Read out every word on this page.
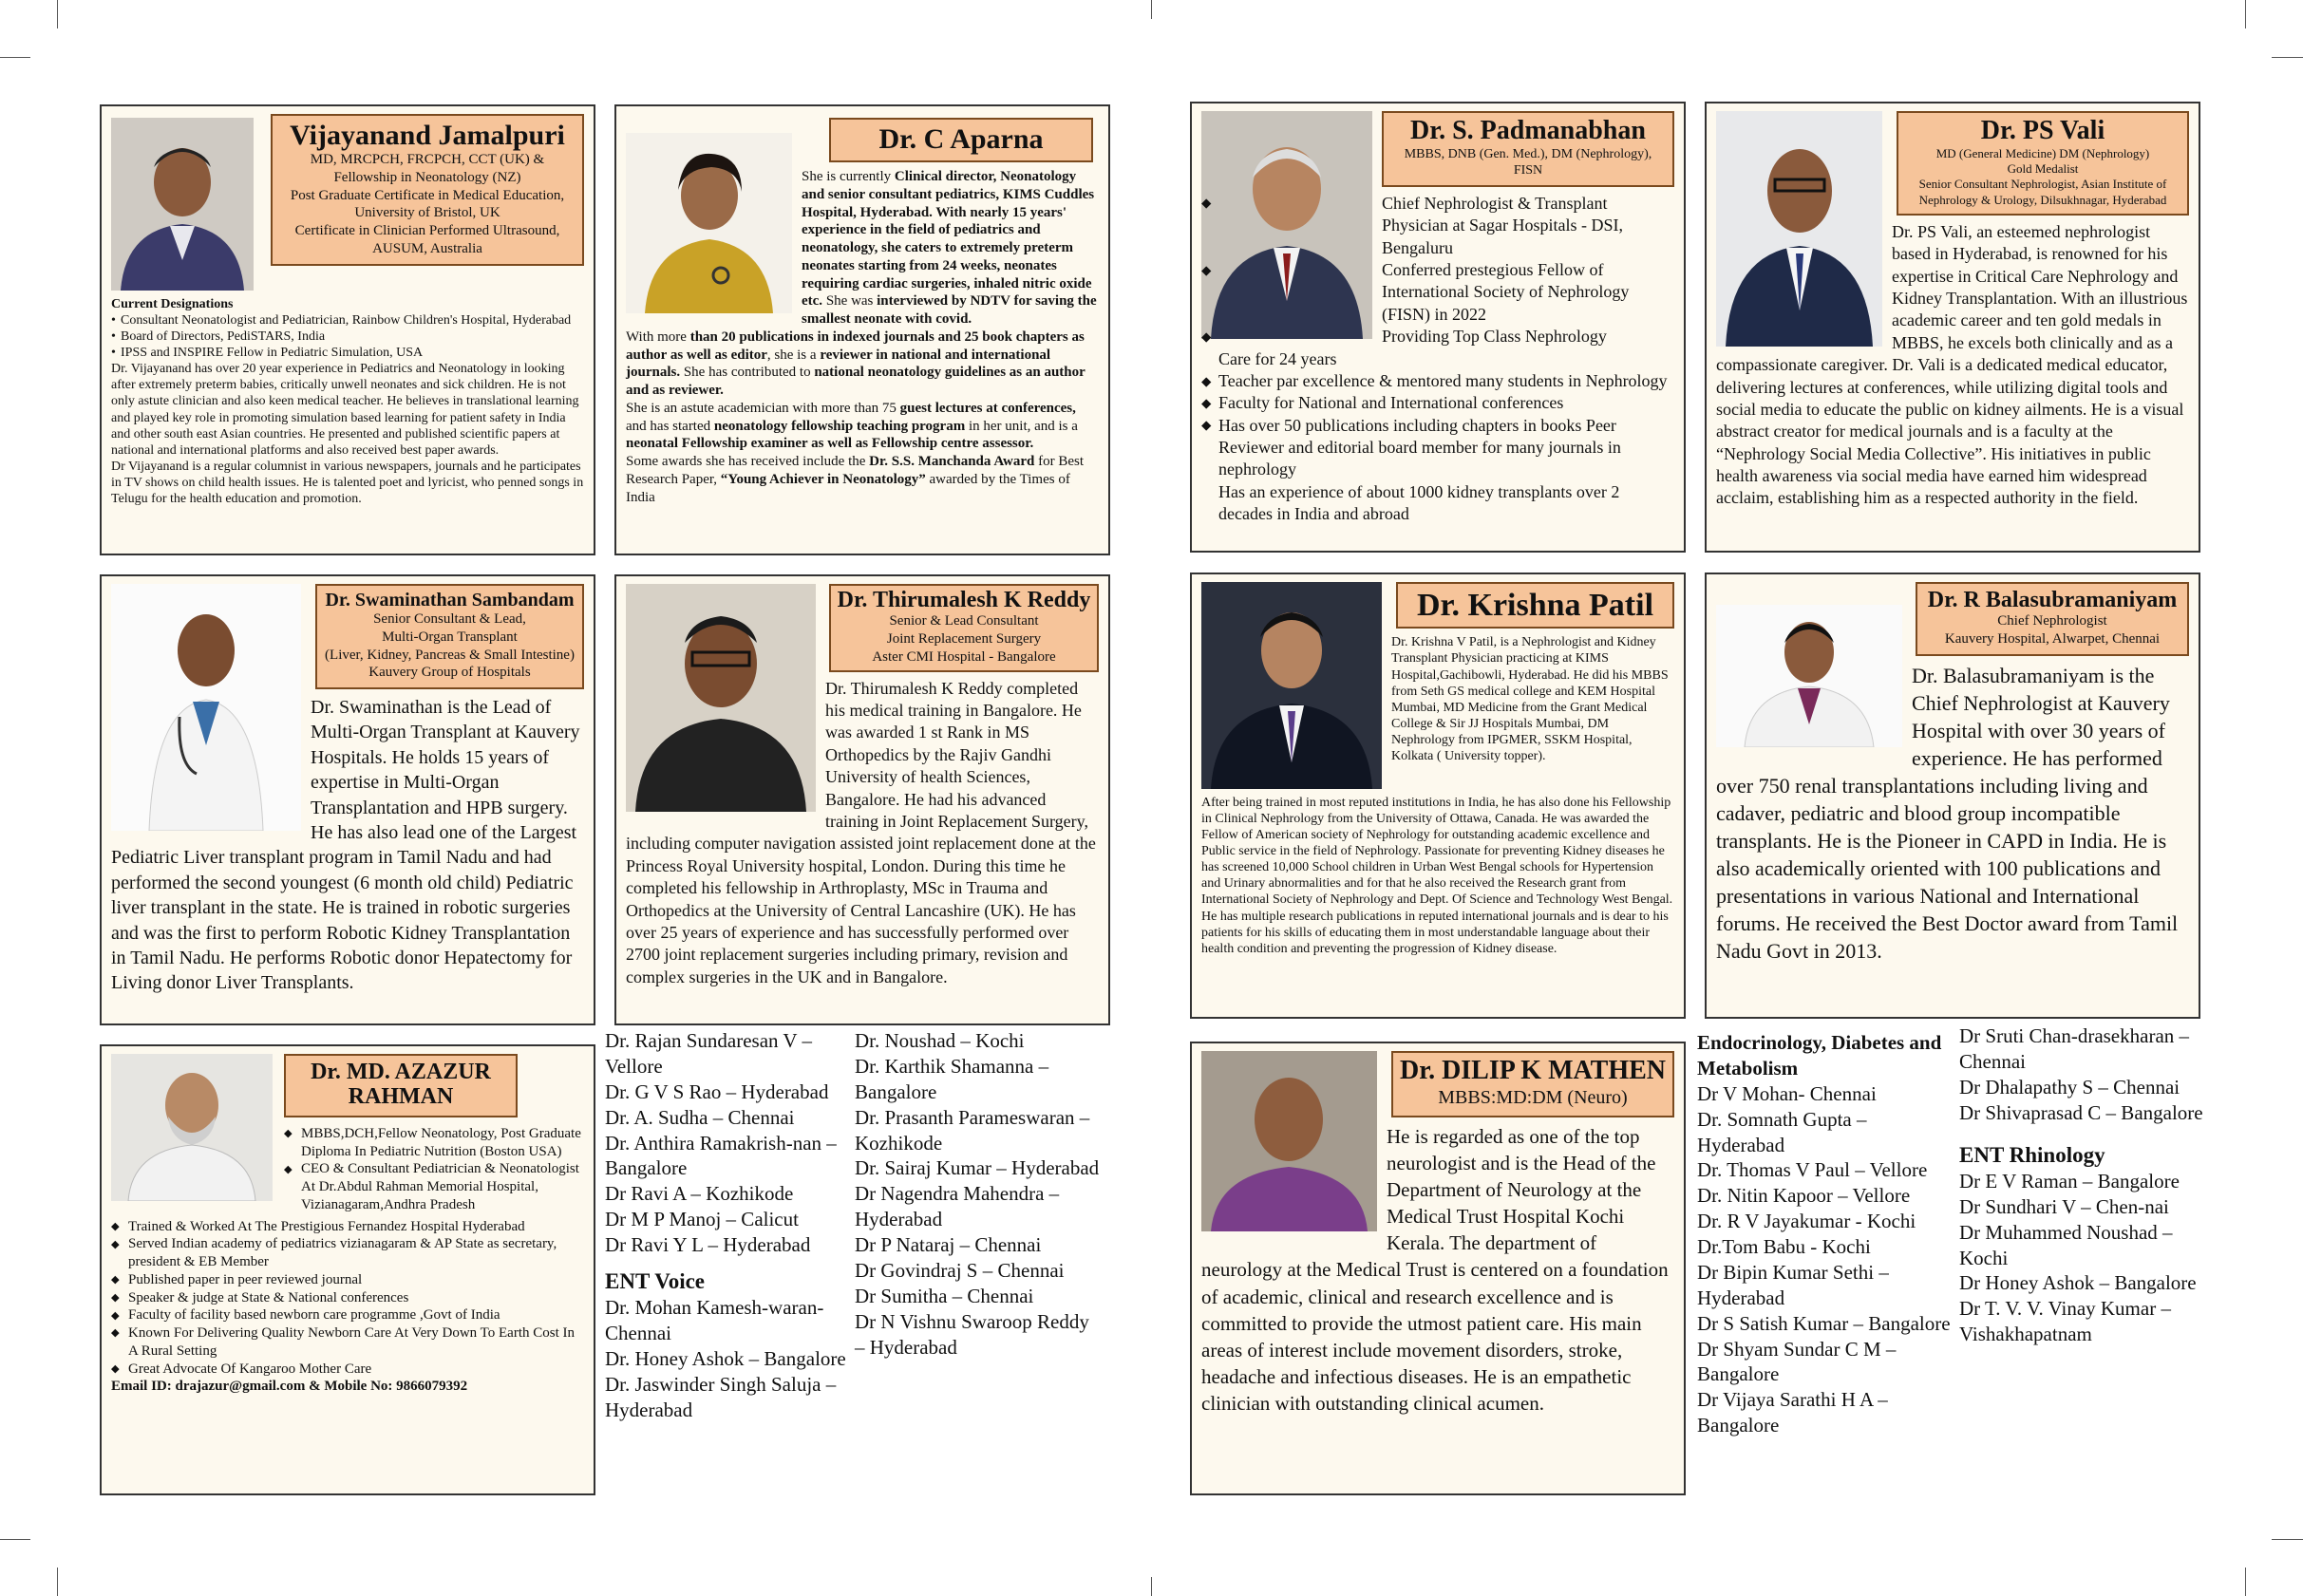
Vijayanand Jamalpuri
MD, MRCPCH, FRCPCH, CCT (UK) &
Fellowship in Neonatology (NZ)
Post Graduate Certificate in Medical Education,
University of Bristol, UK
Certificate in Clinician Performed Ultrasound,
AUSUM, Australia
Current Designations
• Consultant Neonatologist and Pediatrician, Rainbow Children's Hospital, Hyderabad
• Board of Directors, PediSTARS, India
• IPSS and INSPIRE Fellow in Pediatric Simulation, USA

Dr. Vijayanand has over 20 year experience in Pediatrics and Neonatology in looking after extremely preterm babies, critically unwell neonates and sick children. He is not only astute clinician and also keen medical teacher. He believes in translational learning and played key role in promoting simulation based learning for patient safety in India and other south east Asian countries. He presented and published scientific papers at national and international platforms and also received best paper awards.

Dr Vijayanand is a regular columnist in various newspapers, journals and he participates in TV shows on child health issues. He is talented poet and lyricist, who penned songs in Telugu for the health education and promotion.

Dr. C Aparna
She is currently Clinical director, Neonatology and senior consultant pediatrics, KIMS Cuddles Hospital, Hyderabad. With nearly 15 years' experience in the field of pediatrics and neonatology, she caters to extremely preterm neonates starting from 24 weeks, neonates requiring cardiac surgeries, inhaled nitric oxide etc. She was interviewed by NDTV for saving the smallest neonate with covid.
With more than 20 publications in indexed journals and 25 book chapters as author as well as editor, she is a reviewer in national and international journals. She has contributed to national neonatology guidelines as an author and as reviewer.
She is an astute academician with more than 75 guest lectures at conferences, and has started neonatology fellowship teaching program in her unit, and is a neonatal Fellowship examiner as well as Fellowship centre assessor.
Some awards she has received include the Dr. S.S. Manchanda Award for Best Research Paper, “Young Achiever in Neonatology” awarded by the Times of India
Dr. S. Padmanabhan
MBBS, DNB (Gen. Med.), DM (Nephrology),
FISN
◆ Chief Nephrologist & Transplant Physician at Sagar Hospitals - DSI, Bengaluru
◆ Conferred prestegious Fellow of International Society of Nephrology (FISN) in 2022
◆ Providing Top Class Nephrology
Care for 24 years
◆ Teacher par excellence & mentored many students in Nephrology
◆ Faculty for National and International conferences
◆ Has over 50 publications including chapters in books Peer Reviewer and editorial board member for many journals in nephrology
Has an experience of about 1000 kidney transplants over 2 decades in India and abroad
Dr. PS Vali
MD (General Medicine) DM (Nephrology)
Gold Medalist
Senior Consultant Nephrologist, Asian Institute of
Nephrology & Urology, Dilsukhnagar, Hyderabad

Dr. PS Vali, an esteemed nephrologist based in Hyderabad, is renowned for his expertise in Critical Care Nephrology and Kidney Transplantation. With an illustrious academic career and ten gold medals in MBBS, he excels both clinically and as a compassionate caregiver. Dr. Vali is a dedicated medical educator, delivering lectures at conferences, while utilizing digital tools and social media to educate the public on kidney ailments. He is a visual abstract creator for medical journals and is a faculty at the “Nephrology Social Media Collective”. His initiatives in public health awareness via social media have earned him widespread acclaim, establishing him as a respected authority in the field.

Dr. Swaminathan Sambandam
Senior Consultant & Lead,
Multi-Organ Transplant
(Liver, Kidney, Pancreas & Small Intestine)
Kauvery Group of Hospitals

Dr. Swaminathan is the Lead of Multi-Organ Transplant at Kauvery Hospitals. He holds 15 years of expertise in Multi-Organ Transplantation and HPB surgery. He has also lead one of the Largest Pediatric Liver transplant program in Tamil Nadu and had performed the second youngest (6 month old child) Pediatric liver transplant in the state. He is trained in robotic surgeries and was the first to perform Robotic Kidney Transplantation in Tamil Nadu. He performs Robotic donor Hepatectomy for Living donor Liver Transplants.

Dr. Thirumalesh K Reddy
Senior & Lead Consultant
Joint Replacement Surgery
Aster CMI Hospital - Bangalore

Dr. Thirumalesh K Reddy completed his medical training in Bangalore. He was awarded 1 st Rank in MS Orthopedics by the Rajiv Gandhi University of health Sciences, Bangalore. He had his advanced training in Joint Replacement Surgery, including computer navigation assisted joint replacement done at the Princess Royal University hospital, London. During this time he completed his fellowship in Arthroplasty, MSc in Trauma and Orthopedics at the University of Central Lancashire (UK). He has over 25 years of experience and has successfully performed over 2700 joint replacement surgeries including primary, revision and complex surgeries in the UK and in Bangalore.

Dr. Krishna Patil

Dr. Krishna V Patil, is a Nephrologist and Kidney Transplant Physician practicing at KIMS Hospital,Gachibowli, Hyderabad. He did his MBBS from Seth GS medical college and KEM Hospital Mumbai, MD Medicine from the Grant Medical College & Sir JJ Hospitals Mumbai, DM Nephrology from IPGMER, SSKM Hospital, Kolkata ( University topper).

After being trained in most reputed institutions in India, he has also done his Fellowship in Clinical Nephrology from the University of Ottawa, Canada. He was awarded the Fellow of American society of Nephrology for outstanding academic excellence and Public service in the field of Nephrology. Passionate for preventing Kidney diseases he has screened 10,000 School children in Urban West Bengal schools for Hypertension and Urinary abnormalities and for that he also received the Research grant from International Society of Nephrology and Dept. Of Science and Technology West Bengal. He has multiple research publications in reputed international journals and is dear to his patients for his skills of educating them in most understandable language about their health condition and preventing the progression of Kidney disease.

Dr. R Balasubramaniyam
Chief Nephrologist
Kauvery Hospital, Alwarpet, Chennai

Dr. Balasubramaniyam is the Chief Nephrologist at Kauvery Hospital with over 30 years of experience. He has performed over 750 renal transplantations including living and cadaver, pediatric and blood group incompatible transplants. He is the Pioneer in CAPD in India. He is also academically oriented with 100 publications and presentations in various National and International forums. He received the Best Doctor award from Tamil Nadu Govt in 2013.

Dr. MD. AZAZUR RAHMAN
◆ MBBS,DCH,Fellow Neonatology, Post Graduate Diploma In Pediatric Nutrition (Boston USA)
◆ CEO & Consultant Pediatrician & Neonatologist At Dr.Abdul Rahman Memorial Hospital, Vizianagaram,Andhra Pradesh
◆ Trained & Worked At The Prestigious Fernandez Hospital Hyderabad
◆ Served Indian academy of pediatrics vizianagaram & AP State as secretary, president & EB Member
◆ Published paper in peer reviewed journal
◆ Speaker & judge at State & National conferences
◆ Faculty of facility based newborn care programme ,Govt of India
◆ Known For Delivering Quality Newborn Care At Very Down To Earth Cost In A Rural Setting
◆ Great Advocate Of Kangaroo Mother Care
Email ID: drajazur@gmail.com & Mobile No: 9866079392
Dr. Rajan Sundaresan V – Vellore
Dr. G V S Rao – Hyderabad
Dr. A. Sudha – Chennai
Dr. Anthira Ramakrish-nan – Bangalore
Dr Ravi A – Kozhikode
Dr M P Manoj – Calicut
Dr Ravi Y L – Hyderabad
ENT Voice
Dr. Mohan Kamesh-waran- Chennai
Dr. Honey Ashok – Bangalore
Dr. Jaswinder Singh Saluja – Hyderabad
Dr. Noushad – Kochi
Dr. Karthik Shamanna – Bangalore
Dr. Prasanth Parameswaran – Kozhikode
Dr. Sairaj Kumar – Hyderabad
Dr Nagendra Mahendra – Hyderabad
Dr P Nataraj – Chennai
Dr Govindraj S – Chennai
Dr Sumitha – Chennai
Dr N Vishnu Swaroop Reddy – Hyderabad
Dr. DILIP K MATHEN
MBBS:MD:DM (Neuro)

He is regarded as one of the top neurologist and is the Head of the Department of Neurology at the Medical Trust Hospital Kochi Kerala. The department of neurology at the Medical Trust is centered on a foundation of academic, clinical and research excellence and is committed to provide the utmost patient care. His main areas of interest include movement disorders, stroke, headache and infectious diseases. He is an empathetic clinician with outstanding clinical acumen.

Endocrinology, Diabetes and Metabolism
Dr V Mohan- Chennai
Dr. Somnath Gupta – Hyderabad
Dr. Thomas V Paul – Vellore
Dr. Nitin Kapoor – Vellore
Dr. R V Jayakumar - Kochi
Dr.Tom Babu - Kochi
Dr Bipin Kumar Sethi – Hyderabad
Dr S Satish Kumar – Bangalore
Dr Shyam Sundar C M – Bangalore
Dr Vijaya Sarathi H A – Bangalore
Dr Sruti Chan-drasekharan – Chennai
Dr Dhalapathy S – Chennai
Dr Shivaprasad C – Bangalore
ENT Rhinology
Dr E V Raman – Bangalore
Dr Sundhari V – Chen-nai
Dr Muhammed Noushad – Kochi
Dr Honey Ashok – Bangalore
Dr T. V. V. Vinay Kumar – Vishakhapatnam
